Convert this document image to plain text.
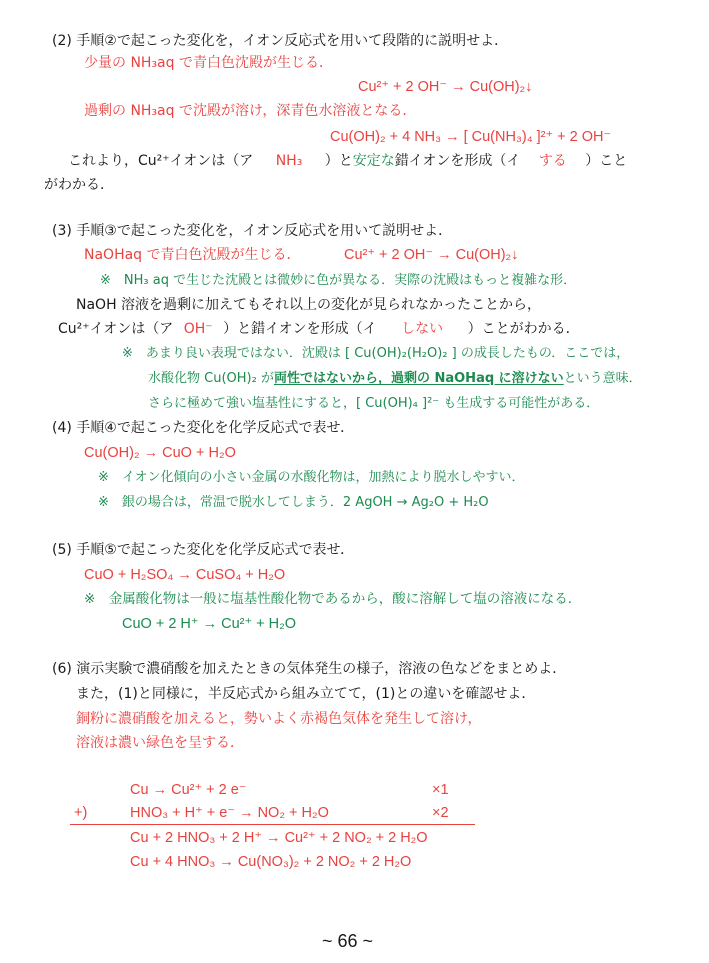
(2) 手順②で起こった変化を，イオン反応式を用いて段階的に説明せよ．
少量の NH₃aq で青白色沈殿が生じる．
Cu²⁺ + 2 OH⁻ → Cu(OH)₂↓
過剰の NH₃aq で沈殿が溶け，深青色水溶液となる．
Cu(OH)₂ + 4 NH₃ → [ Cu(NH₃)₄ ]²⁺ + 2 OH⁻
これより，Cu²⁺イオンは（ア NH₃ ）と安定な錯イオンを形成（イ する ）こと
がわかる．
(3) 手順③で起こった変化を，イオン反応式を用いて説明せよ．
NaOHaq で青白色沈殿が生じる．	Cu²⁺ + 2 OH⁻ → Cu(OH)₂↓
※　NH₃ aq で生じた沈殿とは微妙に色が異なる．実際の沈殿はもっと複雑な形．
NaOH 溶液を過剰に加えてもそれ以上の変化が見られなかったことから，
Cu²⁺イオンは（ア OH⁻ ）と錯イオンを形成（イ しない ）ことがわかる．
※　あまり良い表現ではない．沈殿は [ Cu(OH)₂(H₂O)₂ ] の成長したもの．ここでは，
水酸化物 Cu(OH)₂ が両性ではないから，過剰の NaOHaq に溶けないという意味．
さらに極めて強い塩基性にすると，[ Cu(OH)₄ ]²⁻ も生成する可能性がある．
(4) 手順④で起こった変化を化学反応式で表せ．
Cu(OH)₂ → CuO + H₂O
※　イオン化傾向の小さい金属の水酸化物は，加熱により脱水しやすい．
※　銀の場合は，常温で脱水してしまう．2 AgOH → Ag₂O + H₂O
(5) 手順⑤で起こった変化を化学反応式で表せ．
CuO + H₂SO₄ → CuSO₄ + H₂O
※　金属酸化物は一般に塩基性酸化物であるから，酸に溶解して塩の溶液になる．
CuO + 2 H⁺ → Cu²⁺ + H₂O
(6) 演示実験で濃硝酸を加えたときの気体発生の様子，溶液の色などをまとめよ．
また，(1)と同様に，半反応式から組み立てて，(1)との違いを確認せよ．
銅粉に濃硝酸を加えると，勢いよく赤褐色気体を発生して溶け，
溶液は濃い緑色を呈する．
Cu → Cu²⁺ + 2 e⁻	×1
+)	HNO₃ + H⁺ + e⁻ → NO₂ + H₂O	×2
Cu + 2 HNO₃ + 2 H⁺ → Cu²⁺ + 2 NO₂ + 2 H₂O
Cu + 4 HNO₃ → Cu(NO₃)₂ + 2 NO₂ + 2 H₂O
~ 66 ~
